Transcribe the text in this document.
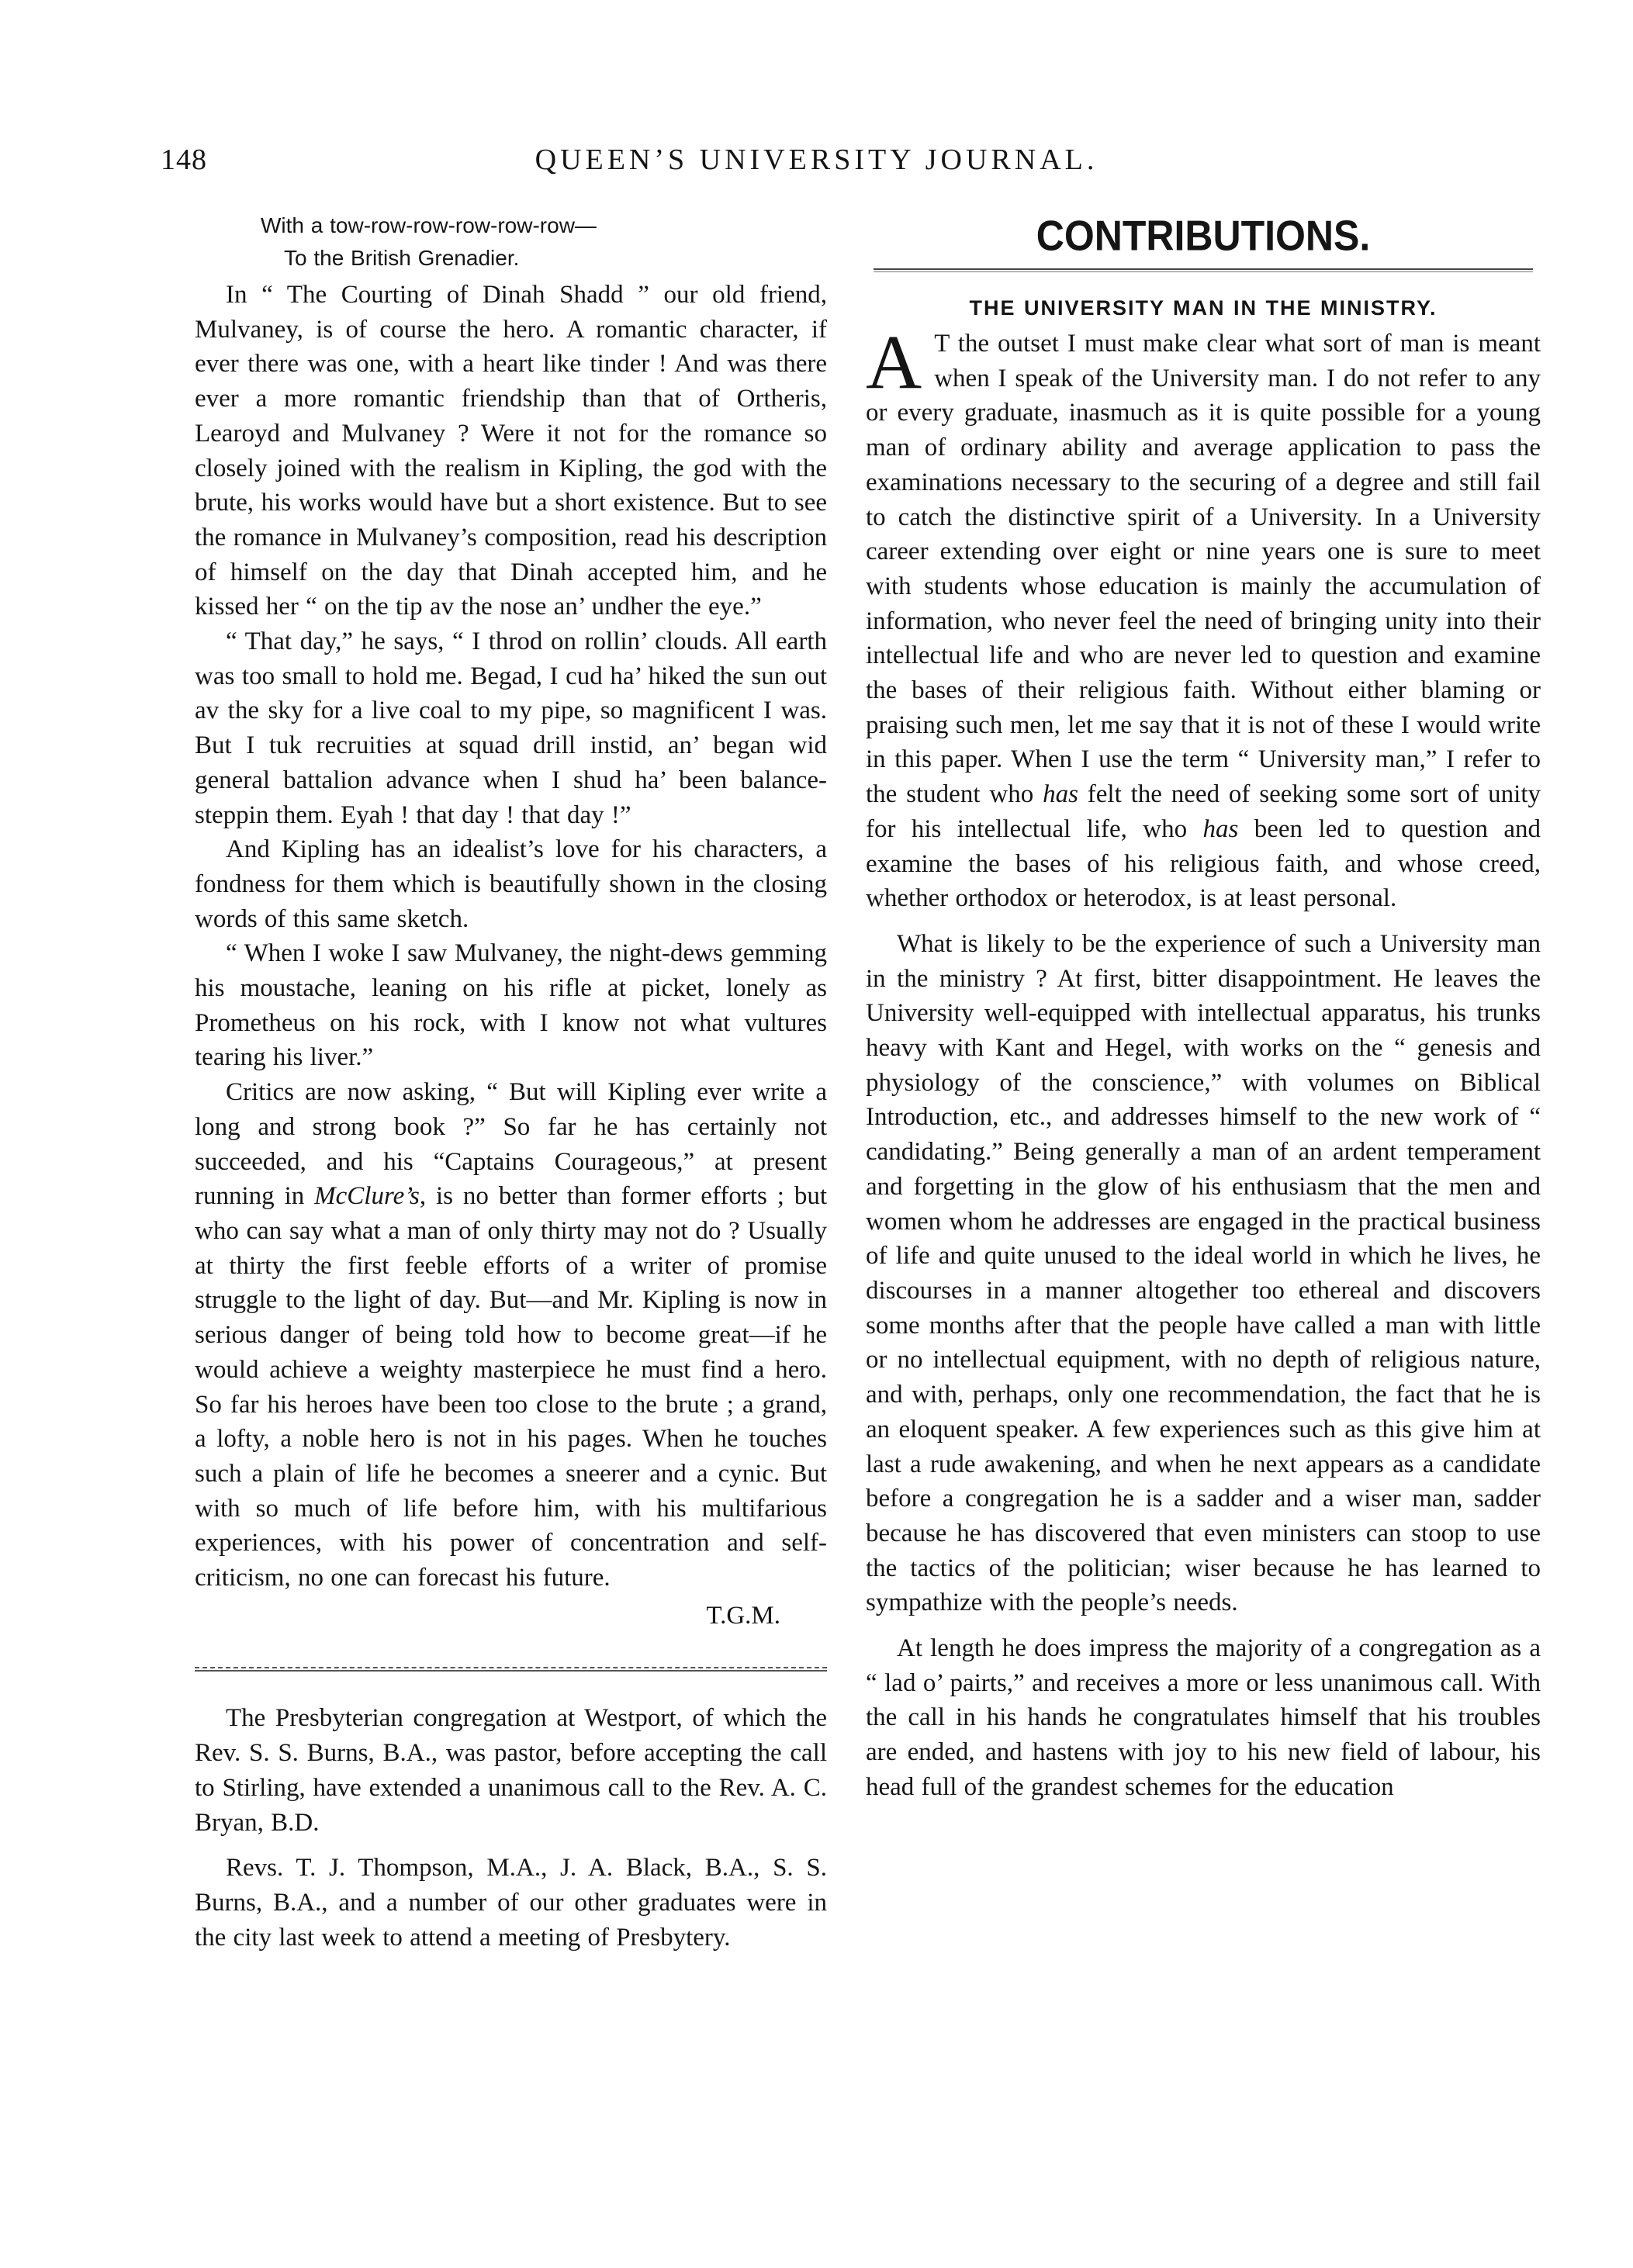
148	QUEEN’S UNIVERSITY JOURNAL.
With a tow-row-row-row-row-row—
To the British Grenadier.

In “ The Courting of Dinah Shadd ” our old friend, Mulvaney, is of course the hero. A romantic character, if ever there was one, with a heart like tinder ! And was there ever a more romantic friendship than that of Ortheris, Learoyd and Mulvaney ? Were it not for the romance so closely joined with the realism in Kipling, the god with the brute, his works would have but a short existence. But to see the romance in Mulvaney’s composition, read his description of himself on the day that Dinah accepted him, and he kissed her “ on the tip av the nose an’ undher the eye.”

“ That day,” he says, “ I throd on rollin’ clouds. All earth was too small to hold me. Begad, I cud ha’ hiked the sun out av the sky for a live coal to my pipe, so magnificent I was. But I tuk recruities at squad drill instid, an’ began wid general battalion advance when I shud ha’ been balance-steppin them. Eyah ! that day ! that day !”

And Kipling has an idealist’s love for his characters, a fondness for them which is beautifully shown in the closing words of this same sketch.

“ When I woke I saw Mulvaney, the night-dews gemming his moustache, leaning on his rifle at picket, lonely as Prometheus on his rock, with I know not what vultures tearing his liver.”

Critics are now asking, “ But will Kipling ever write a long and strong book ?” So far he has certainly not succeeded, and his “Captains Courageous,” at present running in McClure’s, is no better than former efforts ; but who can say what a man of only thirty may not do ? Usually at thirty the first feeble efforts of a writer of promise struggle to the light of day. But—and Mr. Kipling is now in serious danger of being told how to become great—if he would achieve a weighty masterpiece he must find a hero. So far his heroes have been too close to the brute ; a grand, a lofty, a noble hero is not in his pages. When he touches such a plain of life he becomes a sneerer and a cynic. But with so much of life before him, with his multifarious experiences, with his power of concentration and self-criticism, no one can forecast his future.

T.G.M.

The Presbyterian congregation at Westport, of which the Rev. S. S. Burns, B.A., was pastor, before accepting the call to Stirling, have extended a unanimous call to the Rev. A. C. Bryan, B.D.

Revs. T. J. Thompson, M.A., J. A. Black, B.A., S. S. Burns, B.A., and a number of our other graduates were in the city last week to attend a meeting of Presbytery.

CONTRIBUTIONS.
THE UNIVERSITY MAN IN THE MINISTRY.

A T the outset I must make clear what sort of man is meant when I speak of the University man. I do not refer to any or every graduate, inasmuch as it is quite possible for a young man of ordinary ability and average application to pass the examinations necessary to the securing of a degree and still fail to catch the distinctive spirit of a University. In a University career extending over eight or nine years one is sure to meet with students whose education is mainly the accumulation of information, who never feel the need of bringing unity into their intellectual life and who are never led to question and examine the bases of their religious faith. Without either blaming or praising such men, let me say that it is not of these I would write in this paper. When I use the term “ University man,” I refer to the student who has felt the need of seeking some sort of unity for his intellectual life, who has been led to question and examine the bases of his religious faith, and whose creed, whether orthodox or heterodox, is at least personal.

What is likely to be the experience of such a University man in the ministry ? At first, bitter disappointment. He leaves the University well-equipped with intellectual apparatus, his trunks heavy with Kant and Hegel, with works on the “ genesis and physiology of the conscience,” with volumes on Biblical Introduction, etc., and addresses himself to the new work of “ candidating.” Being generally a man of an ardent temperament and forgetting in the glow of his enthusiasm that the men and women whom he addresses are engaged in the practical business of life and quite unused to the ideal world in which he lives, he discourses in a manner altogether too ethereal and discovers some months after that the people have called a man with little or no intellectual equipment, with no depth of religious nature, and with, perhaps, only one recommendation, the fact that he is an eloquent speaker. A few experiences such as this give him at last a rude awakening, and when he next appears as a candidate before a congregation he is a sadder and a wiser man, sadder because he has discovered that even ministers can stoop to use the tactics of the politician; wiser because he has learned to sympathize with the people’s needs.

At length he does impress the majority of a congregation as a “ lad o’ pairts,” and receives a more or less unanimous call. With the call in his hands he congratulates himself that his troubles are ended, and hastens with joy to his new field of labour, his head full of the grandest schemes for the education
